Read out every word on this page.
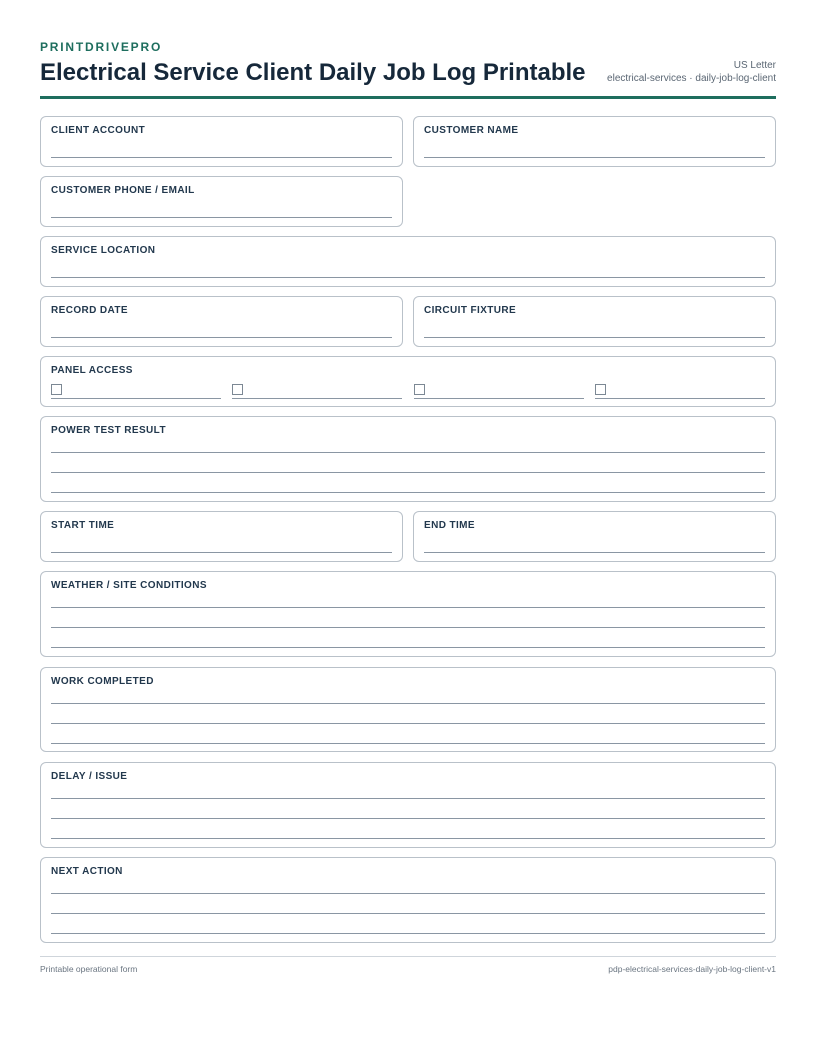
PRINTDRIVEPRO
Electrical Service Client Daily Job Log Printable	US Letter
electrical-services · daily-job-log-client
CLIENT ACCOUNT	CUSTOMER NAME
CUSTOMER PHONE / EMAIL
SERVICE LOCATION
RECORD DATE	CIRCUIT FIXTURE
PANEL ACCESS
POWER TEST RESULT
START TIME	END TIME
WEATHER / SITE CONDITIONS
WORK COMPLETED
DELAY / ISSUE
NEXT ACTION
Printable operational form	pdp-electrical-services-daily-job-log-client-v1
